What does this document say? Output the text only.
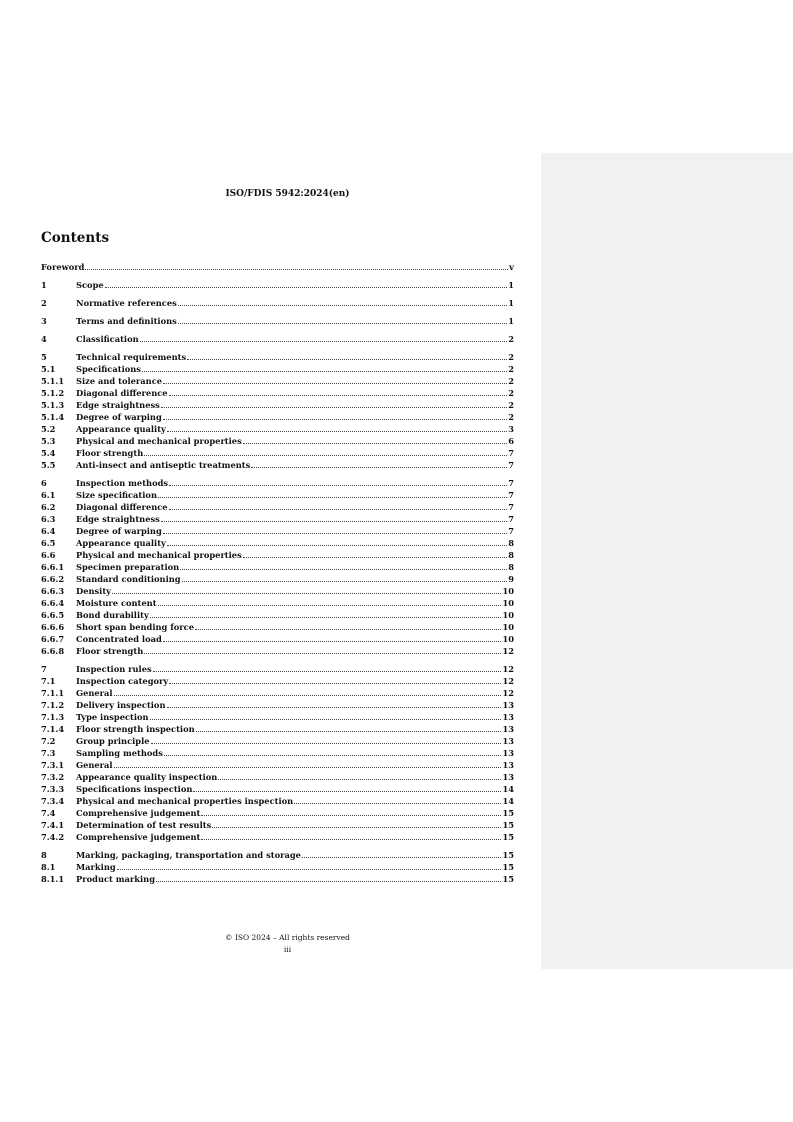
ISO/FDIS 5942:2024(en)
Contents
Foreword	v
1	Scope	1
2	Normative references	1
3	Terms and definitions	1
4	Classification	2
5	Technical requirements	2
5.1	Specifications	2
5.1.1	Size and tolerance	2
5.1.2	Diagonal difference	2
5.1.3	Edge straightness	2
5.1.4	Degree of warping	2
5.2	Appearance quality	3
5.3	Physical and mechanical properties	6
5.4	Floor strength	7
5.5	Anti-insect and antiseptic treatments	7
6	Inspection methods	7
6.1	Size specification	7
6.2	Diagonal difference	7
6.3	Edge straightness	7
6.4	Degree of warping	7
6.5	Appearance quality	8
6.6	Physical and mechanical properties	8
6.6.1	Specimen preparation	8
6.6.2	Standard conditioning	9
6.6.3	Density	10
6.6.4	Moisture content	10
6.6.5	Bond durability	10
6.6.6	Short span bending force	10
6.6.7	Concentrated load	10
6.6.8	Floor strength	12
7	Inspection rules	12
7.1	Inspection category	12
7.1.1	General	12
7.1.2	Delivery inspection	13
7.1.3	Type inspection	13
7.1.4	Floor strength inspection	13
7.2	Group principle	13
7.3	Sampling methods	13
7.3.1	General	13
7.3.2	Appearance quality inspection	13
7.3.3	Specifications inspection	14
7.3.4	Physical and mechanical properties inspection	14
7.4	Comprehensive judgement	15
7.4.1	Determination of test results	15
7.4.2	Comprehensive judgement	15
8	Marking, packaging, transportation and storage	15
8.1	Marking	15
8.1.1	Product marking	15
© ISO 2024 – All rights reserved
iii
